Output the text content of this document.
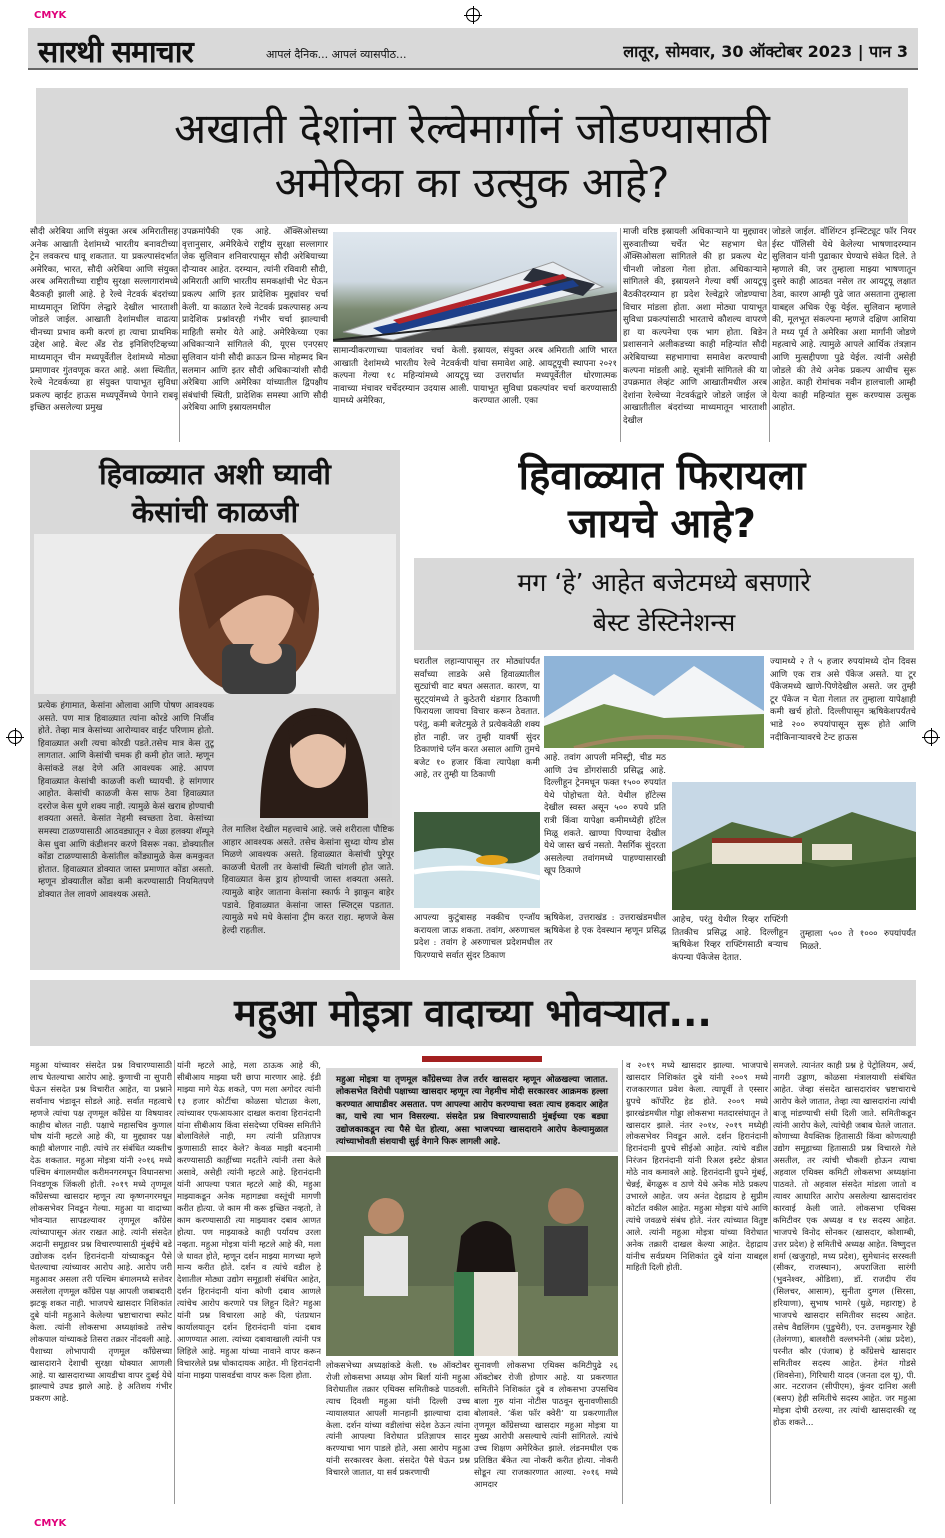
CMYK
CMYK
सारथी समाचार	आपलं दैनिक... आपलं व्यासपीठ...	लातूर, सोमवार, 30 ऑक्टोबर 2023 | पान 3
अखाती देशांना रेल्वेमार्गानं जोडण्यासाठी
अमेरिका का उत्सुक आहे?
सौदी अरेबिया आणि संयुक्त अरब अमिरातीसह अनेक आखाती देशांमध्ये भारतीय बनावटीच्या ट्रेन लवकरच धावू शकतात. या प्रकल्पासंदर्भात अमेरिका, भारत, सौदी अरेबिया आणि संयुक्त अरब अमिरातीच्या राष्ट्रीय सुरक्षा सल्लागारांमध्ये बैठकही झाली आहे. हे रेल्वे नेटवर्क बंदरांच्या माध्यमातून शिपिंग लेन्द्वारे देखील भारताशी जोडले जाईल. आखाती देशांमधील वाढत्या चीनच्या प्रभाव कमी करणं हा त्याचा प्राथमिक उद्देश आहे. बेल्ट अँड रोड इनिशिएटिव्हच्या माध्यमातून चीन मध्यपूर्वेतील देशांमध्ये मोठ्या प्रमाणावर गुंतवणूक करत आहे. अशा स्थितीत, रेल्वे नेटवर्कच्या हा संयुक्त पायाभूत सुविधा प्रकल्प व्हाईट हाऊस मध्यपूर्वेमध्ये पेगाने राबवू इच्छित असलेल्या प्रमुख
उपक्रमांपैकी एक आहे. अ‍ॅक्सिओसच्या वृत्तानुसार, अमेरिकेचे राष्ट्रीय सुरक्षा सल्लागार जेक सुलिवान शनिवारपासून सौदी अरेबियाच्या दौऱ्यावर आहेत. दरम्यान, त्यांनी रविवारी सौदी, अमिराती आणि भारतीय समकक्षांची भेट घेऊन प्रकल्प आणि इतर प्रादेशिक मुद्द्यांवर चर्चा केली. या काळात रेल्वे नेटवर्क प्रकल्पासह अन्य प्रादेशिक प्रश्नांवरही गंभीर चर्चा झाल्याची माहिती समोर येते आहे. अमेरिकेच्या एका अधिकाऱ्याने सांगितले की, यूएस एनएसए सुलिवान यांनी सौदी क्राऊन प्रिन्स मोहम्मद बिन सलमान आणि इतर सौदी अधिकाऱ्यांशी सौदी अरेबिया आणि अमेरिका यांच्यातील द्विपक्षीय संबंधांची स्थिती, प्रादेशिक समस्या आणि सौदी अरेबिया आणि इस्रायलमधील
सामान्यीकरणाच्या पावलांवर चर्चा केली. आखाती देशांमध्ये भारतीय रेल्वे नेटवर्कची कल्पना गेल्या १८ महिन्यांमध्ये आयटूयू नावाच्या मंचावर चर्चेदरम्यान उदयास आली. यामध्ये अमेरिका,
इस्रायल, संयुक्त अरब अमिराती आणि भारत यांचा समावेश आहे. आयटूयूची स्थापना २०२१ च्या उत्तरार्धात मध्यपूर्वेतील धोरणात्मक पायाभूत सुविधा प्रकल्पांवर चर्चा करण्यासाठी करण्यात आली. एका
माजी वरिष्ठ इस्रायली अधिकाऱ्याने या मुद्द्यावर सुरुवातीच्या चर्चेत भेट सहभाग घेत अ‍ॅक्सिओसला सांगितले की हा प्रकल्प थेट चीनशी जोडला गेला होता. अधिकाऱ्याने सांगितले की, इस्रायलने गेल्या वर्षी आयटूयू बैठकीदरम्यान हा प्रदेश रेल्वेद्वारे जोडण्याचा विचार मांडला होता. अशा मोठ्या पायाभूत सुविधा प्रकल्पांसाठी भारताचे कौशल्य वापरणे हा या कल्पनेचा एक भाग होता. बिडेन प्रशासनाने अलीकडच्या काही महिन्यांत सौदी अरेबियाच्या सहभागाचा समावेश करण्याची कल्पना मांडली आहे. सूत्रांनी सांगितले की या उपक्रमात लेव्हंट आणि आखातीमधील अरब देशांना रेल्वेच्या नेटवर्कद्वारे जोडले जाईल जे आखातीतील बंदरांच्या माध्यमातून भारताशी देखील
जोडले जाईल. वॉशिंग्टन इन्स्टिट्यूट फॉर नियर ईस्ट पॉलिसी येथे केलेल्या भाषणादरम्यान सुलिवान यांनी पुढाकार घेण्याचे संकेत दिले. ते म्हणाले की, जर तुम्हाला माझ्या भाषणातून दुसरे काही आठवत नसेल तर आयटूयू लक्षात ठेवा, कारण आम्ही पुढे जात असताना तुम्हाला याबद्दल अधिक ऐकू येईल. सुलिवान म्हणाले की, मूलभूत संकल्पना म्हणजे दक्षिण आशिया ते मध्य पूर्व ते अमेरिका अशा मार्गांनी जोडणे महत्वाचे आहे. त्यामुळे आपले आर्थिक तंत्रज्ञान आणि मुत्सद्दीपणा पुढे येईल. त्यांनी असेही जोडले की तेथे अनेक प्रकल्प आधीच सुरू आहेत. काही रोमांचक नवीन हालचाली आम्ही येत्या काही महिन्यांत सुरू करण्यास उत्सुक आहोत.
हिवाळ्यात अशी घ्यावी
केसांची काळजी
प्रत्येक हंगामात, केसांना ओलावा आणि पोषण आवश्यक असते. पण मात्र हिवाळ्यात त्यांना कोरडे आणि निर्जीव होते. तेव्हा मात्र केसांच्या आरोग्यावर वाईट परिणाम होतो. हिवाळ्यात अशी त्यचा कोरडी पडते.तसेच मात्र केस तुटू लागतात. आणि केसांची चमक ही कमी होत जाते. म्हणून केसांकडे लक्ष देणे अति आवश्यक आहे. आपण हिवाळ्यात केसांची काळजी कशी घ्यायची. हे सांगणार आहोत. केसांची काळजी केस साफ ठेवा हिवाळ्यात दररोज केस धुणे शक्य नाही. त्यामुळे केसं खराब होण्याची शक्यता असते. केसांत नेहमी स्वच्छता ठेवा. केसांच्या समस्या टाळण्यासाठी आठवड्यातून २ वेळा हलक्या शॅम्पूने केस धुवा आणि कंडीशनर करणे विसरू नका. डोक्यातील कोंडा टाळण्यासाठी केसांतील कोंड्यामुळे केस कमकुवत होतात. हिवाळ्यात डोक्यात जास्त प्रमाणात कोंडा असतो. म्हणून डोक्यातील कोंडा कमी करण्यासाठी नियमितपणे डोक्यात तेल लावणे आवश्यक असते.
तेल मालिश देखील महत्त्वाचे आहे. जसे शरीराला पौष्टिक आहार आवश्यक असते. तसेच केसांना सुध्दा योग्य डोस मिळणे आवश्यक असते. हिवाळ्यात केसांची पुरेपूर काळजी घेतली तर केसांची स्थिती चांगली होत जाते. हिवाळ्यात केस ड्राय होण्याची जास्त शक्यता असते. त्यामुळे बाहेर जाताना केसांना स्कार्फ ने झाकून बाहेर पडावे. हिवाळ्यात केसांना जास्त स्प्लिट्स पडतात. त्यामुळे मधे मधे केसांना ट्रीम करत राहा. म्हणजे केस हेल्दी राहतील.
हिवाळ्यात फिरायला
जायचे आहे?
मग ‘हे’ आहेत बजेटमध्ये बसणारे
बेस्ट डेस्टिनेशन्स
घरातील लहान्यापासून तर मोठ्यांपर्यंत सर्वांच्या लाडके असे हिवाळ्यातील सुट्यांची वाट बघत असतात. कारण, या सुट्ट्यांमध्ये ते कुठेतरी थंडगार ठिकाणी फिरायला जायचा विचार करून ठेवतात. परंतु, कमी बजेटमुळे ते प्रत्येकवेळी शक्य होत नाही. जर तुम्ही यावर्षी सुंदर ठिकाणांचे प्लॅन करत असाल आणि तुमचे बजेट १० हजार किंवा त्यापेक्षा कमी आहे, तर तुम्ही या ठिकाणी
ज्यामध्ये २ ते ५ हजार रुपयांमध्ये दोन दिवस आणि एक रात्र असे पॅकेज असते. या टूर पॅकेजमध्ये खाणे-पिणेदेखील असते. जर तुम्ही टूर पॅकेज न घेता गेलात तर तुम्हाला यापेक्षाही कमी खर्च होतो. दिल्लीपासून ऋषिकेशपर्यंतचे भाडे २०० रुपयांपासून सुरू होते आणि नदीकिनाऱ्यावरचे टेन्ट हाऊस
आहे. तवांग आपली मनिस्ट्री, चीड मठ आणि उंच डोंगरांसाठी प्रसिद्ध आहे. दिल्लीहून ट्रेनमधून फक्त १५०० रुपयांत येथे पोहोचता येते. येथील हॉटेल्स देखील स्वस्त असून ५०० रुपये प्रति रात्री किंवा यापेक्षा कमीमध्येही हॉटेल मिळू शकते. खाण्या पिण्याचा देखील येथे जास्त खर्च नसतो. नैसर्गिक सुंदरता असलेल्या तवांगमध्ये पाहण्यासारखी खूप ठिकाणे
आपल्या कुटुंबासह नक्कीच एन्जॉय करायला जाऊ शकता. तवांग, अरुणाचल प्रदेश : तवांग हे अरुणाचल प्रदेशमधील फिरण्याचे सर्वात सुंदर ठिकाण
ऋषिकेश, उत्तराखंड : उत्तराखंडमधील ऋषिकेश हे एक देवस्थान म्हणून प्रसिद्ध तर
आहेच, परंतु येथील रिव्हर राफ्टिंगी तितकीच प्रसिद्ध आहे. दिल्लीहून ऋषिकेश रिव्हर राफ्टिंगसाठी बऱ्याच कंपन्या पॅकेजेस देतात.
तुम्हाला ५०० ते १००० रुपयांपर्यंत मिळते.
महुआ मोइत्रा वादाच्या भोवऱ्यात...
महुआ यांच्यावर संसदेत प्रश्न विचारण्यासाठी लाच घेतल्याचा आरोप आहे. कुणाची ना सुपारी घेऊन संसदेत प्रश्न विचारीत आहेत, या प्रश्नाने सर्वांनाच भंडावून सोडले आहे. सर्वात महत्वाचे म्हणजे त्यांचा पक्ष तृणमूल काँग्रेस या विषयावर काहीच बोलत नाही. पक्षाचे महासचिव कुणाल घोष यांनी म्हटले आहे की, या मुद्द्यावर पक्ष काही बोलणार नाही. त्यांचे तर संबंधित व्यक्तीच देऊ शकतात. महुआ मोइत्रा यांनी २०१६ मध्ये पश्चिम बंगालमधील करीमनगरमधून विधानसभा निवडणूक जिंकली होती. २०१९ मध्ये तृणमूल काँग्रेसच्या खासदार म्हणून त्या कृष्णनगरमधून लोकसभेवर निवडून गेल्या. महुआ या वादाच्या भोवऱ्यात सापडल्यावर तृणमूल काँग्रेस त्यांच्यापासून अंतर राखत आहे. त्यांनी संसदेत अदानी समूहावर प्रश्न विचारण्यासाठी मुंबईचे बडे उद्योजक दर्शन हिरानंदानी यांच्याकडून पैसे घेतल्याचा त्यांच्यावर आरोप आहे. आरोप जरी महुआवर असला तरी पश्चिम बंगालमध्ये सत्तेवर असलेला तृणमूल काँग्रेस पक्ष आपली जबाबदारी झटकू शकत नाही. भाजपचे खासदार निशिकांत दुबे यांनी महुआने केलेल्या भ्रष्टाचाराचा स्फोट केला. त्यांनी लोकसभा अध्यक्षांकडे तसेच लोकपाल यांच्याकडे तिसरा तक्रार नोंदवली आहे. पैशाच्या लोभापायी तृणमूल काँग्रेसच्या खासदाराने देशाची सुरक्षा धोक्यात आणली आहे. या खासदाराच्या आयडीचा वापर दुबई येथे झाल्याचे उघड झाले आहे. हे अतिशय गंभीर प्रकरण आहे.
यांनी म्हटले आहे, मला ठाऊक आहे की, सीबीआय माझ्या घरी छापा मारणार आहे. ईडी माझ्या मागे येऊ शकते, पण मला अगोदर त्यांनी १३ हजार कोटींचा कोळसा घोटाळा केला, त्यांच्यावर एफआयआर दाखल करावा हिरानंदानी यांना सीबीआय किंवा संसदेच्या एथिक्स समितीने बोलाविलेले नाही, मग त्यांनी प्रतिज्ञापत्र कुणासाठी सादर केले? केवळ माझी बदनामी करण्यासाठी काहींच्या मदतीने त्यांनी तसा केले असावे, असेही त्यांनी म्हटले आहे. हिरानंदानी यांनी आपल्या पत्रात म्हटले आहे की, महुआ माझ्याकडून अनेक महागड्या वस्तूंची मागणी करीत होत्या. जे काम मी करू इच्छित नव्हतो, ते काम करण्यासाठी त्या माझ्यावर दबाव आणत होत्या. पण माझ्याकडे काही पर्यायच उरला नव्हता. महुआ मोइत्रा यांनी म्हटले आहे की, मला जे धावत होते, म्हणून दर्शन माझ्या मागच्या म्हणे मान्य करीत होते. दर्शन व त्यांचे वडील हे देशातील मोठ्या उद्योग समूहाशी संबंधित आहेत, दर्शन हिरानंदानी यांना कोणी दबाव आणले त्यांचेच आरोप करणारे पत्र लिहून दिले? महुआ यांनी प्रश्न विचारला आहे की, पंतप्रधान कार्यालयातून दर्शन हिरानंदानी यांना दबाव आणण्यात आला. त्यांच्या दबावाखाली त्यांनी पत्र लिहिले आहे. महुआ यांच्या नावाने वापर करून विचारलेले प्रश्न धोकादायक आहेत. मी हिरानंदानी यांना माझ्या पासवर्डचा वापर करू दिला होता.
महुआ मोइत्रा या तृणमूल कॉंग्रेसच्या तेज तर्रार खासदार म्हणून ओळखल्या जातात. लोकसभेत विरोधी पक्षाच्या खासदार म्हणून त्या नेहमीच मोदी सरकारवर आक्रमक हल्ला करण्यात आघाडीवर असतात. पण आपल्या आरोप करण्याचा स्वतः त्याच हकदार आहेत का, याचे त्या भान विसरल्या. संसदेत प्रश्न विचारण्यासाठी मुंबईच्या एक बड्या उद्योजकाकडून त्या पैसे घेत होत्या, असा भाजपच्या खासदाराने आरोप केल्यामुळात त्यांच्याभोवती संशयाची सुई वेगाने फिरू लागली आहे.
लोकसभेच्या अध्यक्षांकडे केली. १७ ऑक्टोबर रोजी लोकसभा अध्यक्ष ओम बिर्ला यांनी महुआ विरोधातील तक्रार एथिक्स समितीकडे पाठवली. त्याच दिवशी महुआ यांनी दिल्ली उच्च न्यायालयात आपली मानहानी झाल्याचा दावा केला. दर्शन यांच्या वडीलांचा संदेश ठेऊन त्यांना त्यांनी आपल्या विरोधात प्रतिज्ञापत्र सादर करण्याचा भाग पाडले होते, असा आरोप महुआ यांनी सरकारवर केला. संसदेत पैसे घेऊन प्रश्न विचारले जातात, या सर्व प्रकरणाची
सुनावणी लोकसभा एथिक्स कमिटीपुढे २६ ऑक्टोबर रोजी होणार आहे. या प्रकरणात समितीने निशिकांत दुबे व लोकसभा उपसचिव बाला गुरु यांना नोटीस पाठवून सुनावणीसाठी बोलावले. ‘कॅश फॉर क्वेरी’ या प्रकरणातील तृणमूल काँग्रेसच्या खासदार महुआ मोइत्रा या मुख्य आरोपी असल्याचे त्यांनी सांगितले. त्यांचे उच्च शिक्षण अमेरिकेत झाले. लंडनमधील एक प्रतिष्ठित बँकेत त्या नोकरी करीत होत्या. नोकरी सोडून त्या राजकारणात आल्या. २०१६ मध्ये आमदार
व २०१९ मध्ये खासदार झाल्या. भाजपाचे खासदार निशिकांत दुबे यांनी २००९ मध्ये राजकारणात प्रवेश केला. त्यापूर्वी ते एस्सार ग्रुपचे कॉर्पोरेट हेड होते. २००९ मध्ये झारखंडमधील गोड्डा लोकसभा मतदारसंघातून ते खासदार झाले. नंतर २०१४, २०१९ मध्येही लोकसभेवर निवडून आले. दर्शन हिरानंदानी हिरानंदानी ग्रुपचे सीईओ आहेत. त्यांचे वडील निरंजन हिरानंदानी यांनी रिअल इस्टेट क्षेत्रात मोठे नाव कमावले आहे. हिरानंदानी ग्रुपने मुंबई, चेन्नई, बेंगळुरू व ठाणे येथे अनेक मोठे प्रकल्प उभारले आहेत. जय अनंत देहाद्राय हे सुप्रीम कोर्टात वकील आहेत. महुआ मोइत्रा यांचे आणि त्यांचे जवळचे संबंध होते. नंतर त्यांच्यात वितुष्ट आले. त्यांनी महुआ मोइत्रा यांच्या विरोधात अनेक तक्रारी दाखल केल्या आहेत. देहाद्राय यांनीच सर्वप्रथम निशिकांत दुबे यांना याबद्दल माहिती दिली होती.
समजले. त्यानंतर काही प्रश्न हे पेट्रोलियम, अर्थ, नागरी उड्डाण, कोळसा मंत्रालयाशी संबंधित आहेत. जेव्हा संसदेत खासदारांवर भ्रष्टाचाराचे आरोप केले जातात, तेव्हा त्या खासदारांना त्यांची बाजू मांडण्याची संधी दिली जाते. समितीकडून त्यांनी आरोप केले, त्यांचेही जबाब घेतले जातात. कोणाच्या वैयक्तिक हितासाठी किंवा कोणत्याही उद्योग समूहाच्या हितासाठी प्रश्न विचारले गेले असतील, तर त्यांची चौकशी होऊन त्याचा अहवाल एथिक्स कमिटी लोकसभा अध्यक्षांना पाठवते. तो अहवाल संसदेत मांडला जातो व त्यावर आधारित आरोप असलेल्या खासदारांवर कारवाई केली जाते. लोकसभा एथिक्स कमिटीवर एक अध्यक्ष व १४ सदस्य आहेत. भाजपचे विनोद सोनकर (खासदार, कोशाम्बी, उत्तर प्रदेश) हे समितीचे अध्यक्ष आहेत. विष्णुदत्त शर्मा (खजुराहो, मध्य प्रदेश), सुमेधानंद सरस्वती (सीकर, राजस्थान), अपराजिता सारंगी (भुवनेश्वर, ओडिशा), डॉ. राजदीप रॉय (सिलचर, आसाम), सुनीता दुग्गल (सिरसा, हरियाणा), सुभाष भामरे (धुळे, महाराष्ट्र) हे भाजपचे खासदार समितीवर सदस्य आहेत. तसेच वैद्यलिंगम (पुडुचेरी), एन. उत्तमकुमार रेड्डी (तेलंगणा), बालशौरी वल्लभनेनी (आंध्र प्रदेश), परनीत कौर (पंजाब) हे काँग्रेसचे खासदार समितीवर सदस्य आहेत. हेमंत गोडसे (शिवसेना), गिरिधारी यादव (जनता दल यू), पी. आर. नटराजन (सीपीएम), कुंवर दानिश अली (बसप) हेही समितीचे सदस्य आहेत. जर महुआ मोइत्रा दोषी ठरल्या, तर त्यांची खासदारकी रद्द होऊ शकते...
